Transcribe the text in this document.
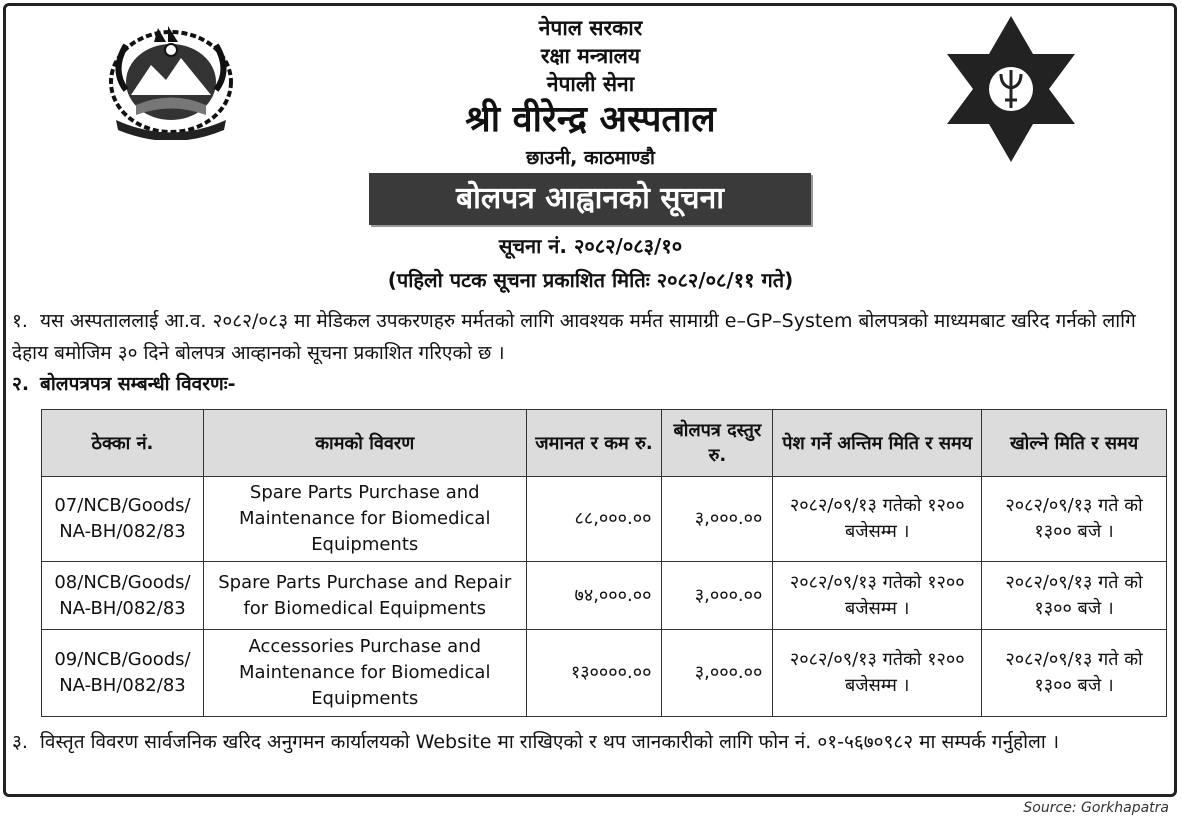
नेपाल सरकार
रक्षा मन्त्रालय
नेपाली सेना
श्री वीरेन्द्र अस्पताल
छाउनी, काठमाण्डौ
बोलपत्र आह्वानको सूचना
सूचना नं. २०८२/०८३/१०
(पहिलो पटक सूचना प्रकाशित मितिः २०८२/०८/११ गते)
१. यस अस्पताललाई आ.व. २०८२/०८३ मा मेडिकल उपकरणहरु मर्मतको लागि आवश्यक मर्मत सामाग्री e–GP–System बोलपत्रको माध्यमबाट खरिद गर्नको लागि देहाय बमोजिम ३० दिने बोलपत्र आव्हानको सूचना प्रकाशित गरिएको छ ।
२. बोलपत्रपत्र सम्बन्धी विवरणः-
ठेक्का नं.	कामको विवरण	जमानत र कम रु.	बोलपत्र दस्तुर रु.	पेश गर्ने अन्तिम मिति र समय	खोल्ने मिति र समय
07/NCB/Goods/ NA-BH/082/83	Spare Parts Purchase and Maintenance for Biomedical Equipments	८८,०००.००	३,०००.००	२०८२/०९/१३ गतेको १२०० बजेसम्म ।	२०८२/०९/१३ गते को १३०० बजे ।
08/NCB/Goods/ NA-BH/082/83	Spare Parts Purchase and Repair for Biomedical Equipments	७४,०००.००	३,०००.००	२०८२/०९/१३ गतेको १२०० बजेसम्म ।	२०८२/०९/१३ गते को १३०० बजे ।
09/NCB/Goods/ NA-BH/082/83	Accessories Purchase and Maintenance for Biomedical Equipments	१३००००.००	३,०००.००	२०८२/०९/१३ गतेको १२०० बजेसम्म ।	२०८२/०९/१३ गते को १३०० बजे ।
३. विस्तृत विवरण सार्वजनिक खरिद अनुगमन कार्यालयको Website मा राखिएको र थप जानकारीको लागि फोन नं. ०१-५६७०९८२ मा सम्पर्क गर्नुहोला ।
Source: Gorkhapatra
